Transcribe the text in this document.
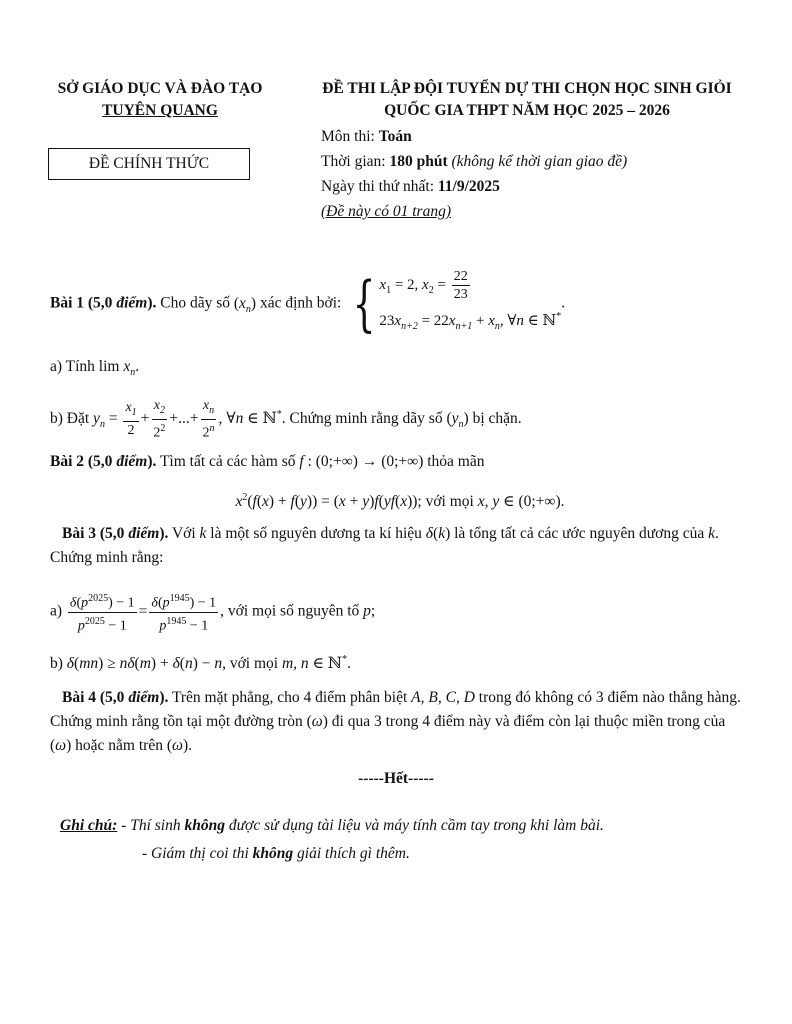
SỞ GIÁO DỤC VÀ ĐÀO TẠO
TUYÊN QUANG
ĐỀ THI LẬP ĐỘI TUYỂN DỰ THI CHỌN HỌC SINH GIỎI
QUỐC GIA THPT NĂM HỌC 2025 – 2026
ĐỀ CHÍNH THỨC
Môn thi: Toán
Thời gian: 180 phút (không kể thời gian giao đề)
Ngày thi thứ nhất: 11/9/2025
(Đề này có 01 trang)
Bài 1 (5,0 điểm). Cho dãy số $(x_n)$ xác định bởi: { $x_1 = 2$, $x_2 = \frac{22}{23}$
$23x_{n+2} = 22x_{n+1} + x_n$, ∀n ∈ ℕ*
.
a) Tính $\lim x_n$.
b) Đặt $y_n = \frac{x_1}{2} + \frac{x_2}{2^2}$ +...+ $\frac{x_n}{2^n}$ , ∀n ∈ ℕ*. Chứng minh rằng dãy số $(y_n)$ bị chặn.
Bài 2 (5,0 điểm). Tìm tất cả các hàm số f : (0;+∞) → (0;+∞) thỏa mãn
$x^2(f(x) + f(y)) = (x + y)f(yf(x))$; với mọi x, y ∈ (0;+∞).
Bài 3 (5,0 điểm). Với k là một số nguyên dương ta kí hiệu δ(k) là tổng tất cả các ước nguyên dương của k. Chứng minh rằng:
$a) \frac{\delta(p^{2025}) - 1}{p^{2025} - 1} = \frac{\delta(p^{1945}) - 1}{p^{1945} - 1}$ , với mọi số nguyên tố p;
b) δ(mn) ≥ nδ(m) + δ(n) − n, với mọi m, n ∈ ℕ*.
Bài 4 (5,0 điểm). Trên mặt phẳng, cho 4 điểm phân biệt A, B, C, D trong đó không có 3 điểm nào thẳng hàng. Chứng minh rằng tồn tại một đường tròn (ω) đi qua 3 trong 4 điểm này và điểm còn lại thuộc miền trong của (ω) hoặc nằm trên (ω).
-----Hết-----
Ghi chú: - Thí sinh không được sử dụng tài liệu và máy tính cầm tay trong khi làm bài.
- Giám thị coi thi không giải thích gì thêm.
